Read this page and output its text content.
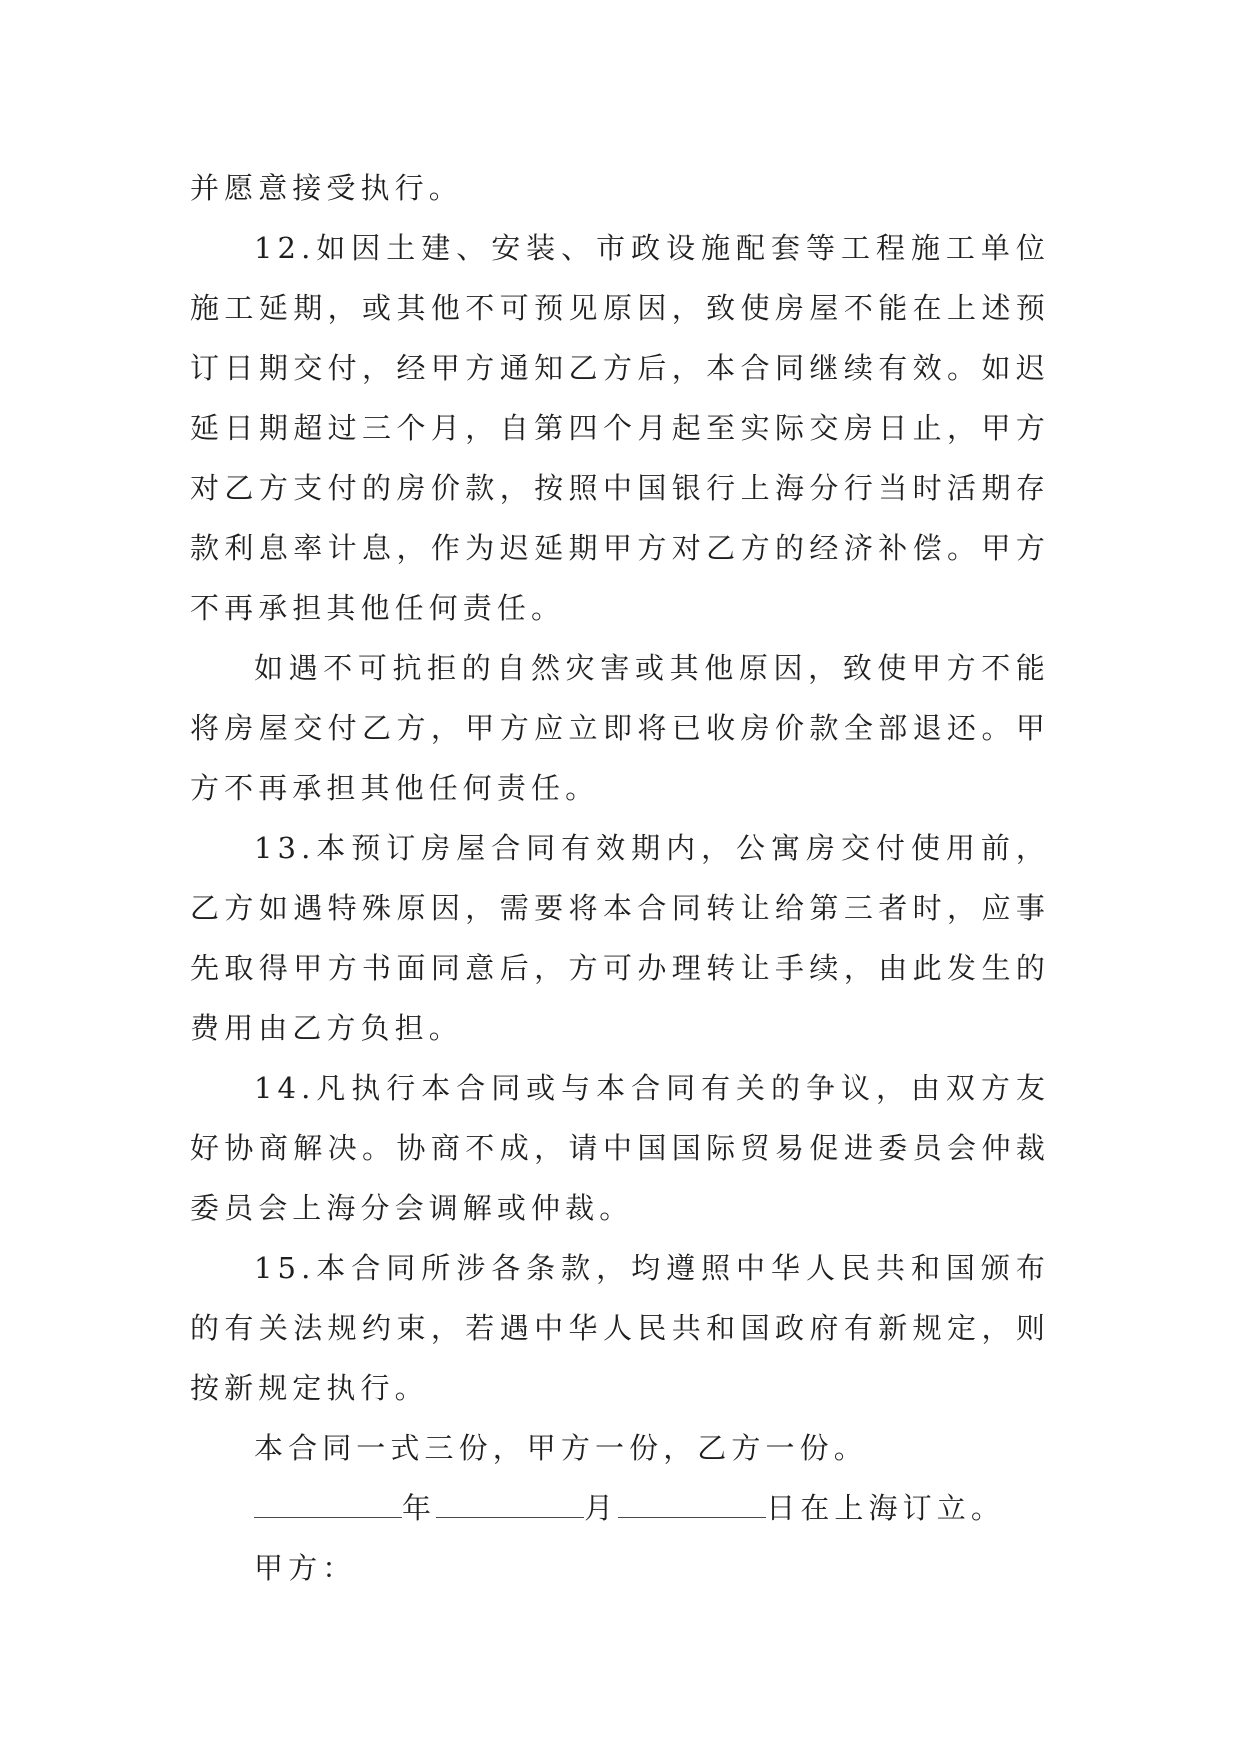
并愿意接受执行。

12.如因土建、安装、市政设施配套等工程施工单位施工延期，或其他不可预见原因，致使房屋不能在上述预订日期交付，经甲方通知乙方后，本合同继续有效。如迟延日期超过三个月，自第四个月起至实际交房日止，甲方对乙方支付的房价款，按照中国银行上海分行当时活期存款利息率计息，作为迟延期甲方对乙方的经济补偿。甲方不再承担其他任何责任。

如遇不可抗拒的自然灾害或其他原因，致使甲方不能将房屋交付乙方，甲方应立即将已收房价款全部退还。甲方不再承担其他任何责任。

13.本预订房屋合同有效期内，公寓房交付使用前，乙方如遇特殊原因，需要将本合同转让给第三者时，应事先取得甲方书面同意后，方可办理转让手续，由此发生的费用由乙方负担。

14.凡执行本合同或与本合同有关的争议，由双方友好协商解决。协商不成，请中国国际贸易促进委员会仲裁委员会上海分会调解或仲裁。

15.本合同所涉各条款，均遵照中华人民共和国颁布的有关法规约束，若遇中华人民共和国政府有新规定，则按新规定执行。

本合同一式三份，甲方一份，乙方一份。

年	月	日在上海订立。

甲方：
